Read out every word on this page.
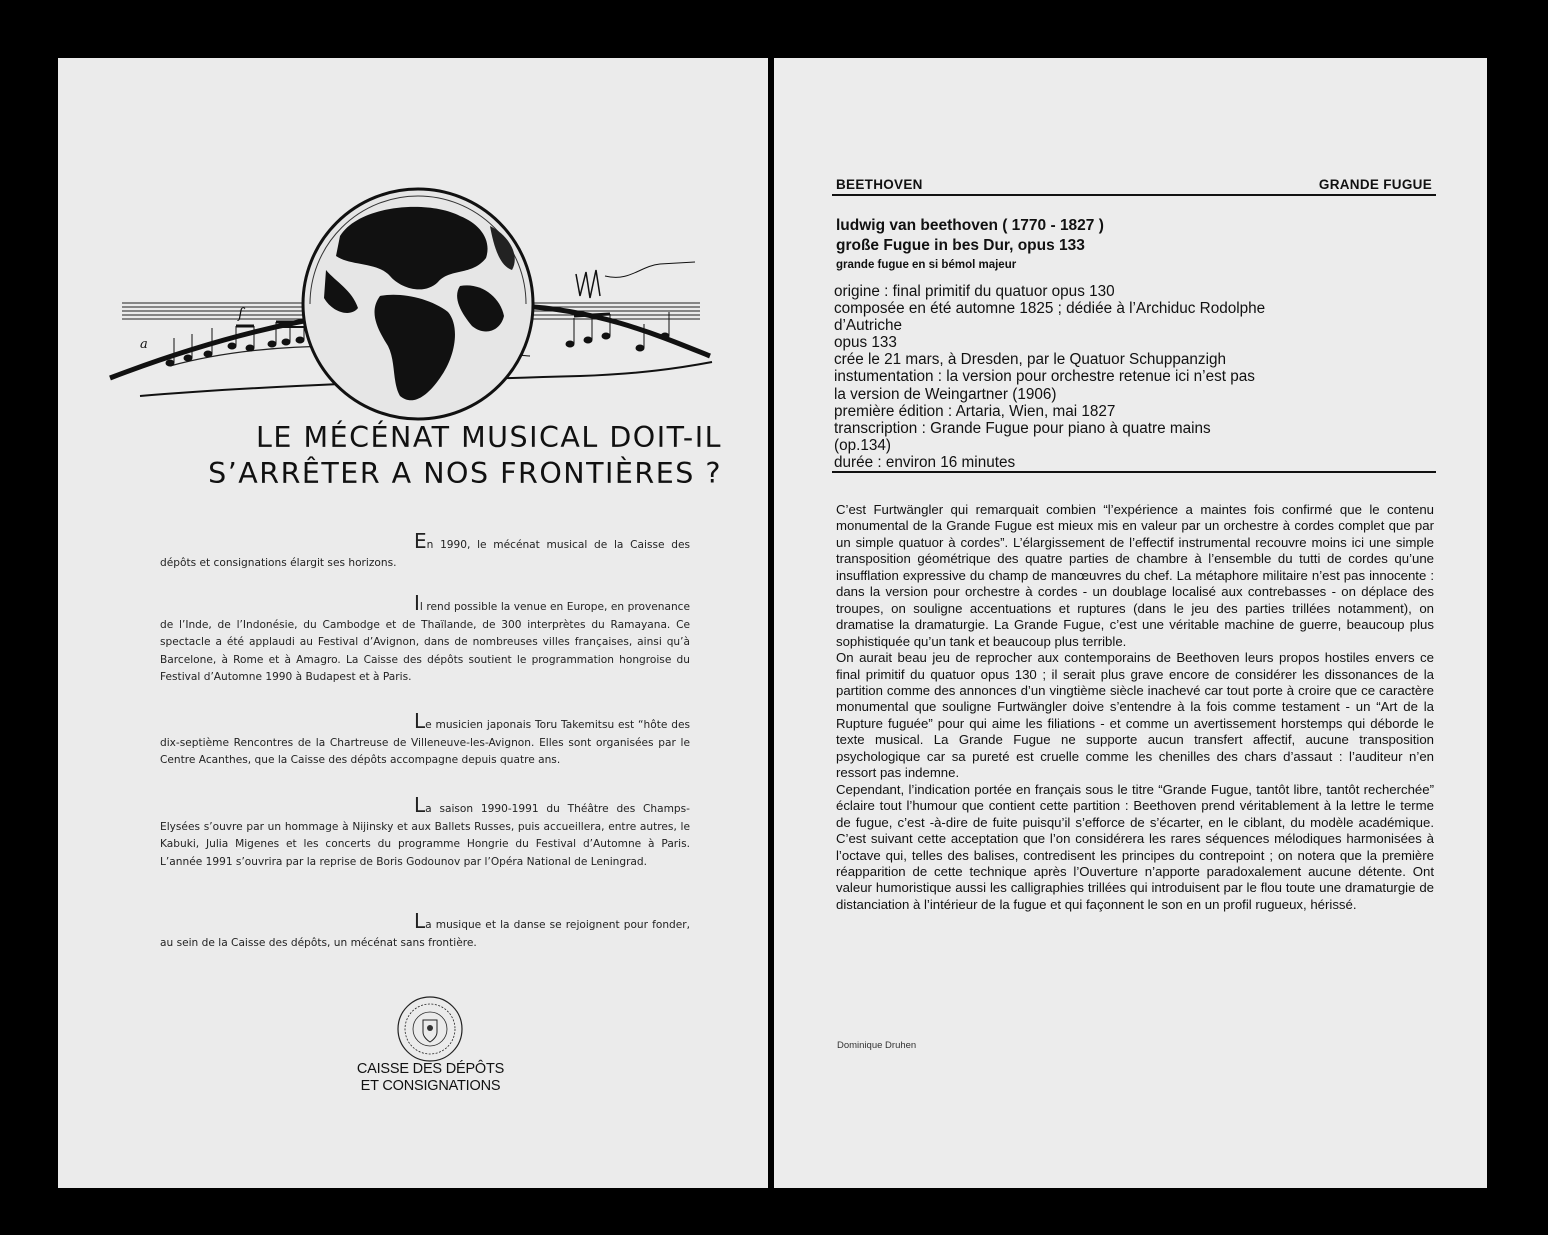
a
f
LE MÉCÉNAT MUSICAL DOIT-IL
S’ARRÊTER A NOS FRONTIÈRES ?

En 1990, le mécénat musical de la Caisse des dépôts et consignations élargit ses horizons.

Il rend possible la venue en Europe, en provenance de l’Inde, de l’Indonésie, du Cambodge et de Thaïlande, de 300 interprètes du Ramayana. Ce spectacle a été applaudi au Festival d’Avignon, dans de nombreuses villes françaises, ainsi qu’à Barcelone, à Rome et à Amagro. La Caisse des dépôts soutient le programmation hongroise du Festival d’Automne 1990 à Budapest et à Paris.

Le musicien japonais Toru Takemitsu est “hôte des dix-septième Rencontres de la Chartreuse de Villeneuve-les-Avignon. Elles sont organisées par le Centre Acanthes, que la Caisse des dépôts accompagne depuis quatre ans.

La saison 1990-1991 du Théâtre des Champs-Elysées s’ouvre par un hommage à Nijinsky et aux Ballets Russes, puis accueillera, entre autres, le Kabuki, Julia Migenes et les concerts du programme Hongrie du Festival d’Automne à Paris. L’année 1991 s’ouvrira par la reprise de Boris Godounov par l’Opéra National de Leningrad.

La musique et la danse se rejoignent pour fonder, au sein de la Caisse des dépôts, un mécénat sans frontière.

CAISSE DES DÉPÔTS
ET CONSIGNATIONS
BEETHOVEN	GRANDE FUGUE
ludwig van beethoven ( 1770 - 1827 )
große Fugue in bes Dur, opus 133
grande fugue en si bémol majeur
origine : final primitif du quatuor opus 130
composée en été automne 1825 ; dédiée à l’Archiduc Rodolphe
d’Autriche
opus 133
crée le 21 mars, à Dresden, par le Quatuor Schuppanzigh
instumentation : la version pour orchestre retenue ici n’est pas
la version de Weingartner (1906)
première édition : Artaria, Wien, mai 1827
transcription : Grande Fugue pour piano à quatre mains
(op.134)
durée : environ 16 minutes

C’est Furtwängler qui remarquait combien “l’expérience a maintes fois confirmé que le contenu monumental de la Grande Fugue est mieux mis en valeur par un orchestre à cordes complet que par un simple quatuor à cordes”. L’élargissement de l’effectif instrumental recouvre moins ici une simple transposition géométrique des quatre parties de chambre à l’ensemble du tutti de cordes qu’une insufflation expressive du champ de manœuvres du chef. La métaphore militaire n’est pas innocente : dans la version pour orchestre à cordes - un doublage localisé aux contrebasses - on déplace des troupes, on souligne accentuations et ruptures (dans le jeu des parties trillées notamment), on dramatise la dramaturgie. La Grande Fugue, c’est une véritable machine de guerre, beaucoup plus sophistiquée qu’un tank et beaucoup plus terrible.

On aurait beau jeu de reprocher aux contemporains de Beethoven leurs propos hostiles envers ce final primitif du quatuor opus 130 ; il serait plus grave encore de considérer les dissonances de la partition comme des annonces d’un vingtième siècle inachevé car tout porte à croire que ce caractère monumental que souligne Furtwängler doive s’entendre à la fois comme testament - un “Art de la Rupture fuguée” pour qui aime les filiations - et comme un avertissement horstemps qui déborde le texte musical. La Grande Fugue ne supporte aucun transfert affectif, aucune transposition psychologique car sa pureté est cruelle comme les chenilles des chars d’assaut : l’auditeur n’en ressort pas indemne.

Cependant, l’indication portée en français sous le titre “Grande Fugue, tantôt libre, tantôt recherchée” éclaire tout l’humour que contient cette partition : Beethoven prend véritablement à la lettre le terme de fugue, c’est -à-dire de fuite puisqu’il s’efforce de s’écarter, en le ciblant, du modèle académique. C’est suivant cette acceptation que l’on considérera les rares séquences mélodiques harmonisées à l’octave qui, telles des balises, contredisent les principes du contrepoint ; on notera que la première réapparition de cette technique après l’Ouverture n’apporte paradoxalement aucune détente. Ont valeur humoristique aussi les calligraphies trillées qui introduisent par le flou toute une dramaturgie de distanciation à l’intérieur de la fugue et qui façonnent le son en un profil rugueux, hérissé.

Dominique Druhen
